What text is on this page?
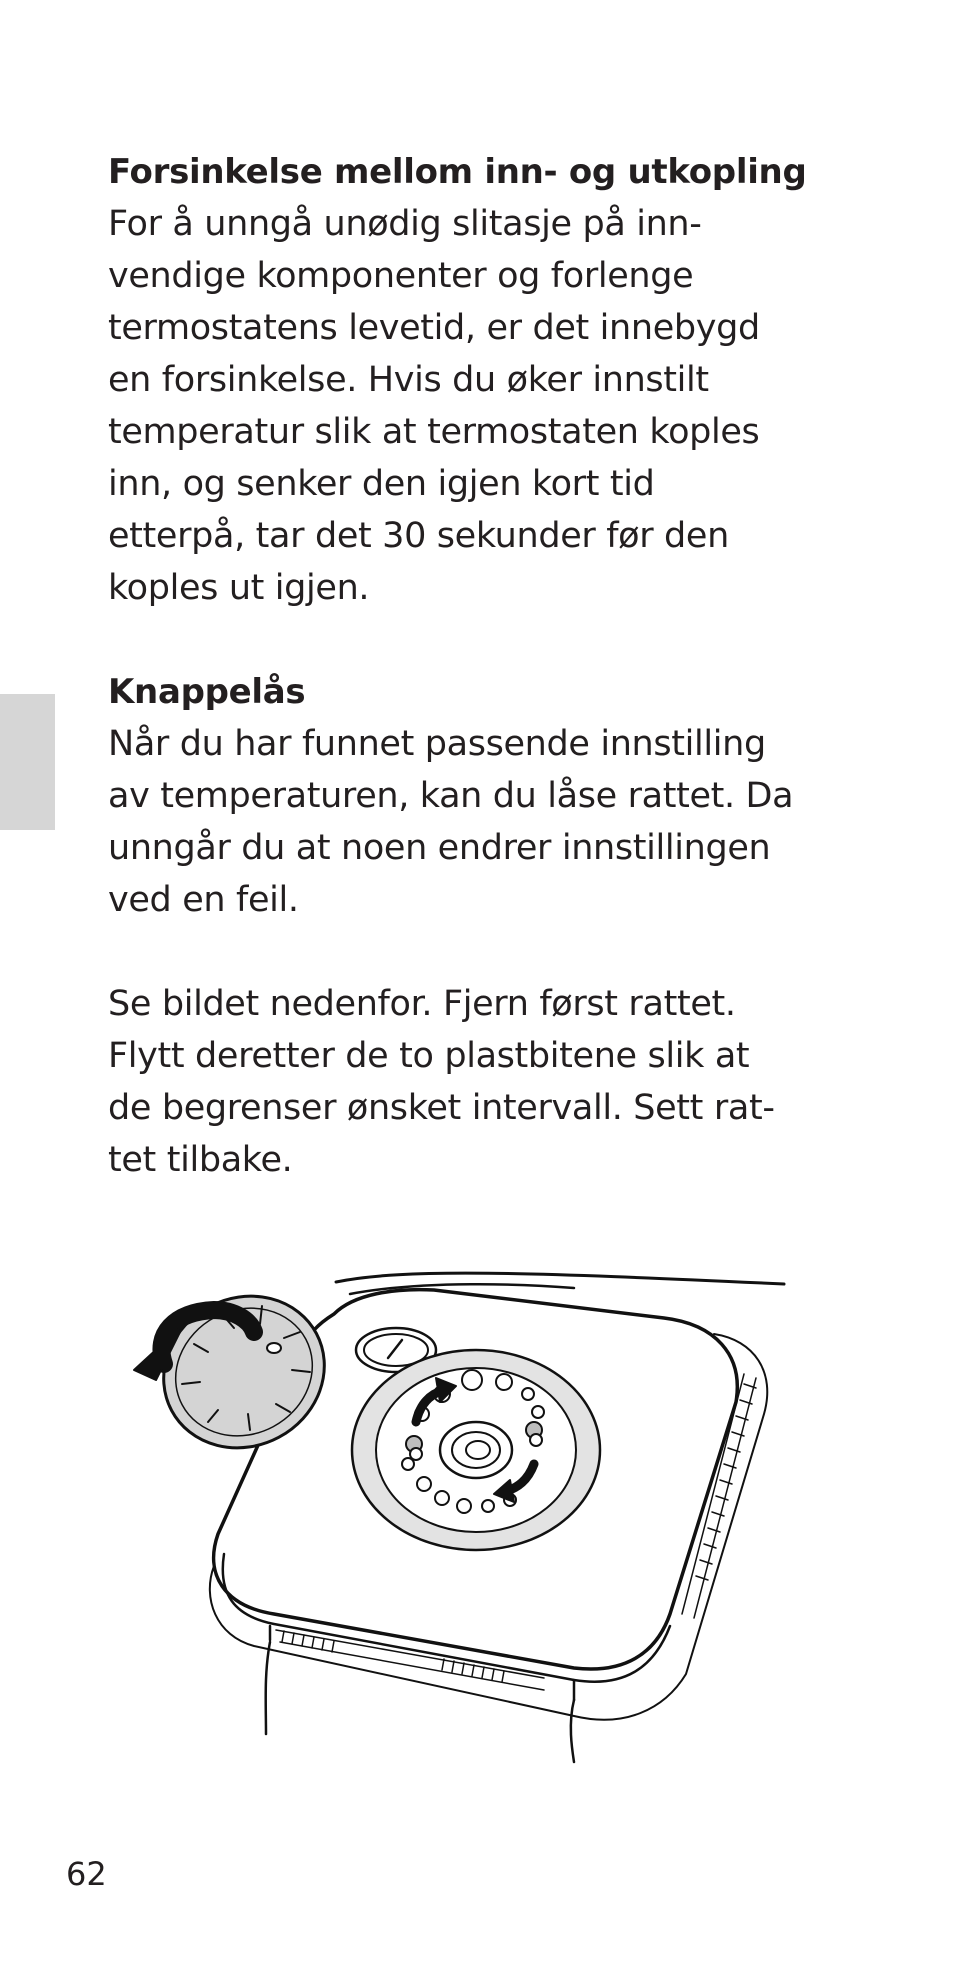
Forsinkelse mellom inn- og utkopling

For å unngå unødig slitasje på inn-

vendige komponenter og forlenge

termostatens levetid, er det innebygd

en forsinkelse. Hvis du øker innstilt

temperatur slik at termostaten koples

inn, og senker den igjen kort tid

etterpå, tar det 30 sekunder før den

koples ut igjen.

Knappelås

Når du har funnet passende innstilling

av temperaturen, kan du låse rattet. Da

unngår du at noen endrer innstillingen

ved en feil.

Se bildet nedenfor. Fjern først rattet.

Flytt deretter de to plastbitene slik at

de begrenser ønsket intervall. Sett rat-

tet tilbake.

62
